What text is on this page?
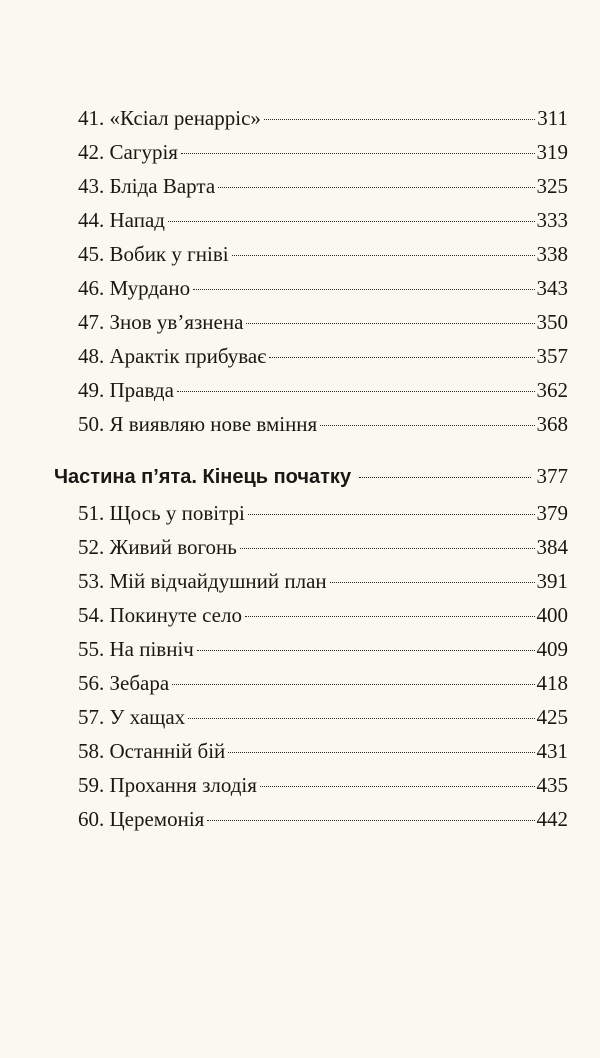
41. «Ксіал ренарріс»	311
42. Сагурія	319
43. Бліда Варта	325
44. Напад	333
45. Вобик у гніві	338
46. Мурдано	343
47. Знов ув’язнена	350
48. Арактік прибуває	357
49. Правда	362
50. Я виявляю нове вміння	368
Частина п’ята. Кінець початку	377
51. Щось у повітрі	379
52. Живий вогонь	384
53. Мій відчайдушний план	391
54. Покинуте село	400
55. На північ	409
56. Зебара	418
57. У хащах	425
58. Останній бій	431
59. Прохання злодія	435
60. Церемонія	442
